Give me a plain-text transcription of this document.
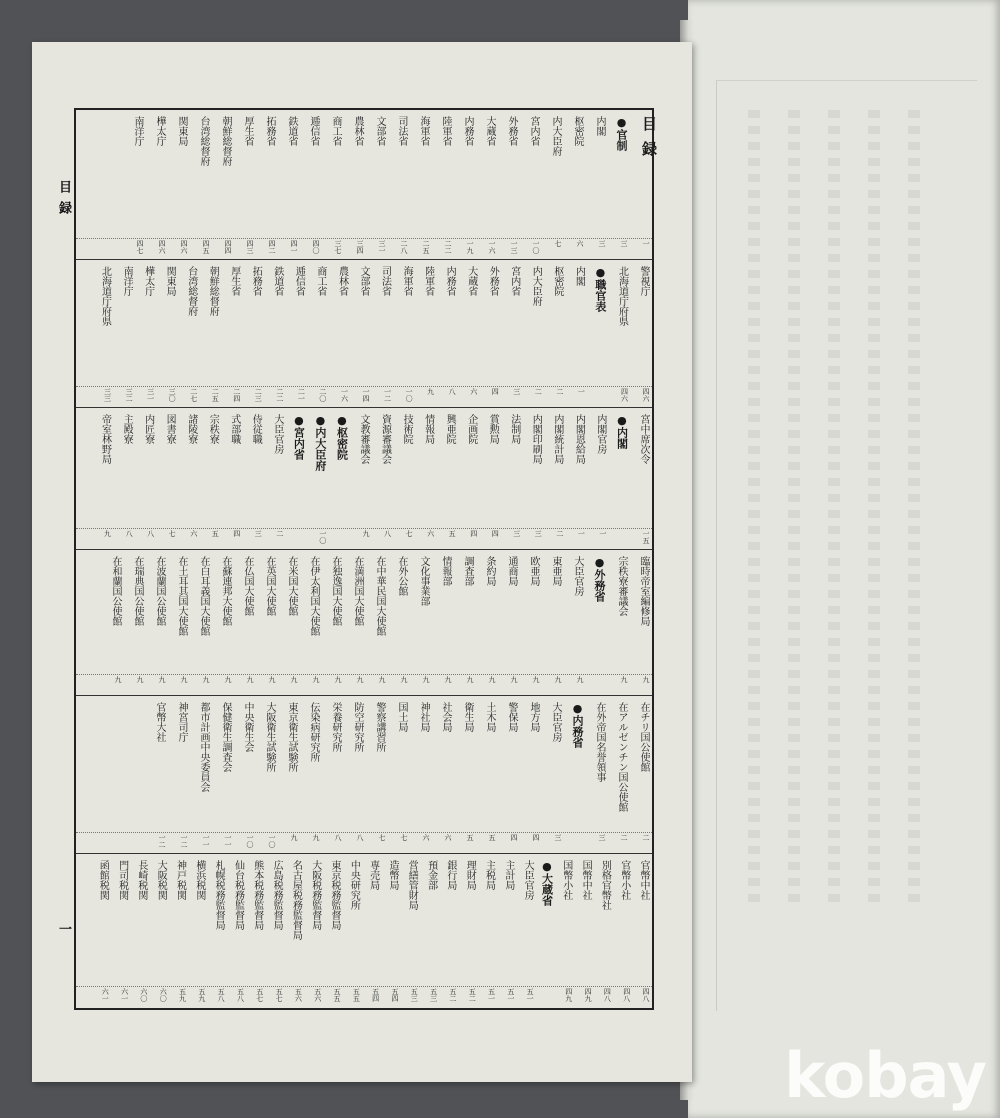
目録
一
目録
一
●官制
三
内閣
三
枢密院
六
内大臣府
七
宮内省
一〇
外務省
一三
大蔵省
一六
内務省
一九
陸軍省
二二
海軍省
二五
司法省
二八
文部省
三一
農林省
三四
商工省
三七
逓信省
四〇
鉄道省
四一
拓務省
四二
厚生省
四三
朝鮮総督府
四四
台湾総督府
四五
関東局
四六
樺太庁
四六
南洋庁
四七
警視庁
四六
北海道庁府県
四六
●職官表
内閣
一
枢密院
二
内大臣府
二
宮内省
三
外務省
四
大蔵省
六
内務省
八
陸軍省
九
海軍省
一〇
司法省
一二
文部省
一四
農林省
一六
商工省
二〇
逓信省
二一
鉄道省
二二
拓務省
二三
厚生省
二四
朝鮮総督府
二五
台湾総督府
二七
関東局
三〇
樺太庁
三一
南洋庁
三二
北海道庁府県
三三
宮中席次令
一五
●内閣
内閣官房
一
内閣恩給局
一
内閣統計局
二
内閣印刷局
三
法制局
三
賞勲局
四
企画院
四
興亜院
五
情報局
六
技術院
七
資源審議会
八
文教審議会
九
●枢密院
●内大臣府
一〇
●宮内省
大臣官房
二
侍従職
三
式部職
四
宗秩寮
五
諸陵寮
六
図書寮
七
内匠寮
八
主殿寮
八
帝室林野局
九
臨時帝室編修局
九
宗秩寮審議会
九
●外務省
大臣官房
九
東亜局
九
欧亜局
九
通商局
九
条約局
九
調査部
九
情報部
九
文化事業部
九
在外公館
九
在中華民国大使館
九
在満洲国大使館
九
在独逸国大使館
九
在伊太利国大使館
九
在米国大使館
九
在英国大使館
九
在仏国大使館
九
在蘇連邦大使館
九
在白耳義国大使館
九
在土耳其国大使館
九
在波蘭国公使館
九
在瑞典国公使館
九
在和蘭国公使館
九
在チリ国公使館
二
在アルゼンチン国公使館
二
在外帝国名誉領事
三
●内務省
大臣官房
三
地方局
四
警保局
四
土木局
五
衛生局
五
社会局
六
神社局
六
国土局
七
警察講習所
七
防空研究所
八
栄養研究所
八
伝染病研究所
九
東京衛生試験所
九
大阪衛生試験所
一〇
中央衛生会
一〇
保健衛生調査会
一一
都市計画中央委員会
一一
神宮司庁
一二
官幣大社
一二
官幣中社
四八
官幣小社
四八
別格官幣社
四八
国幣中社
四九
国幣小社
四九
●大蔵省
大臣官房
五一
主計局
五一
主税局
五一
理財局
五二
銀行局
五二
預金部
五三
営繕管財局
五三
造幣局
五四
専売局
五四
中央研究所
五五
東京税務監督局
五五
大阪税務監督局
五六
名古屋税務監督局
五六
広島税務監督局
五七
熊本税務監督局
五七
仙台税務監督局
五八
札幌税務監督局
五八
横浜税関
五九
神戸税関
五九
大阪税関
六〇
長崎税関
六〇
門司税関
六一
函館税関
六一
kobay
